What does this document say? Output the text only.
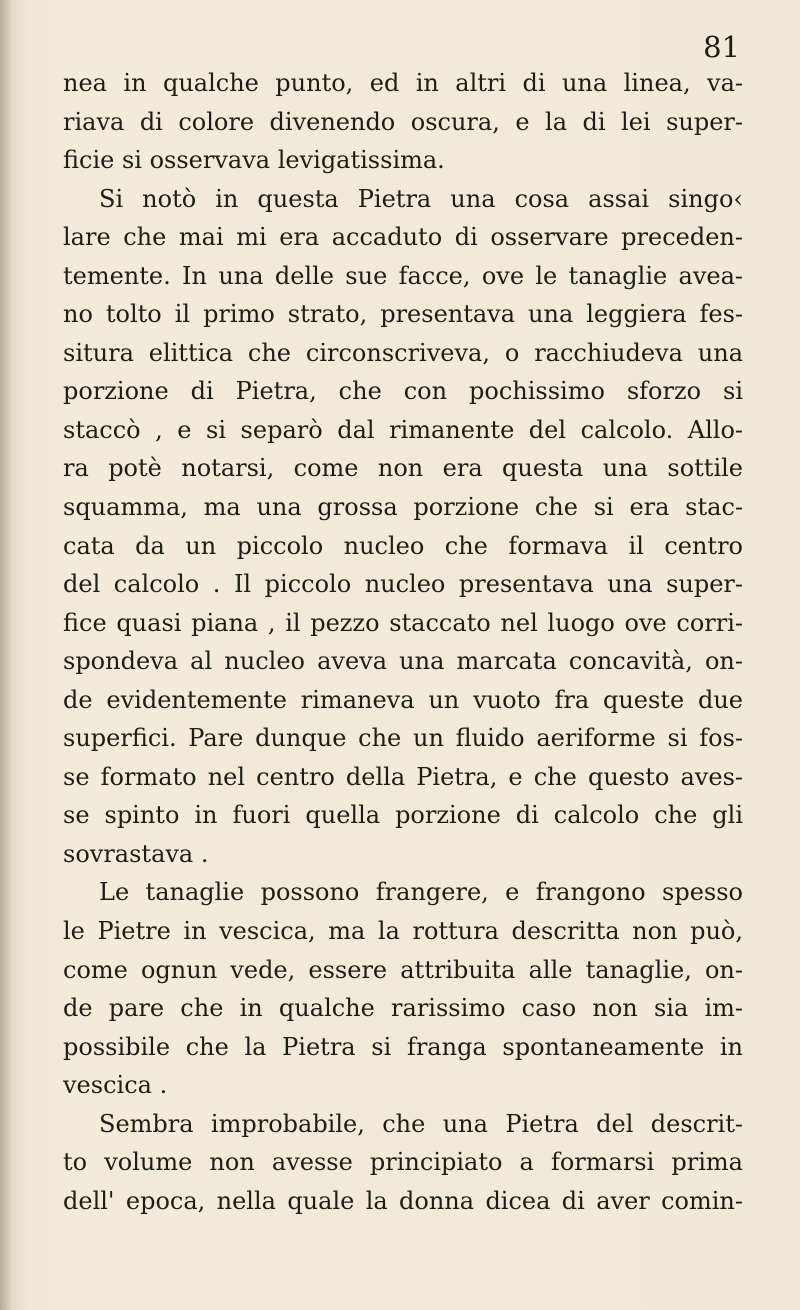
81
nea in qualche punto, ed in altri di una linea, va-
riava di colore divenendo oscura, e la di lei super-
ficie si osservava levigatissima.
Si notò in questa Pietra una cosa assai singo‹
lare che mai mi era accaduto di osservare preceden-
temente. In una delle sue facce, ove le tanaglie avea-
no tolto il primo strato, presentava una leggiera fes-
situra elittica che circonscriveva, o racchiudeva una
porzione di Pietra, che con pochissimo sforzo si
staccò , e si separò dal rimanente del calcolo. Allo-
ra potè notarsi, come non era questa una sottile
squamma, ma una grossa porzione che si era stac-
cata da un piccolo nucleo che formava il centro
del calcolo . Il piccolo nucleo presentava una super-
fice quasi piana , il pezzo staccato nel luogo ove corri-
spondeva al nucleo aveva una marcata concavità, on-
de evidentemente rimaneva un vuoto fra queste due
superfici. Pare dunque che un fluido aeriforme si fos-
se formato nel centro della Pietra, e che questo aves-
se spinto in fuori quella porzione di calcolo che gli
sovrastava .
Le tanaglie possono frangere, e frangono spesso
le Pietre in vescica, ma la rottura descritta non può,
come ognun vede, essere attribuita alle tanaglie, on-
de pare che in qualche rarissimo caso non sia im-
possibile che la Pietra si franga spontaneamente in
vescica .
Sembra improbabile, che una Pietra del descrit-
to volume non avesse principiato a formarsi prima
dell' epoca, nella quale la donna dicea di aver comin-
